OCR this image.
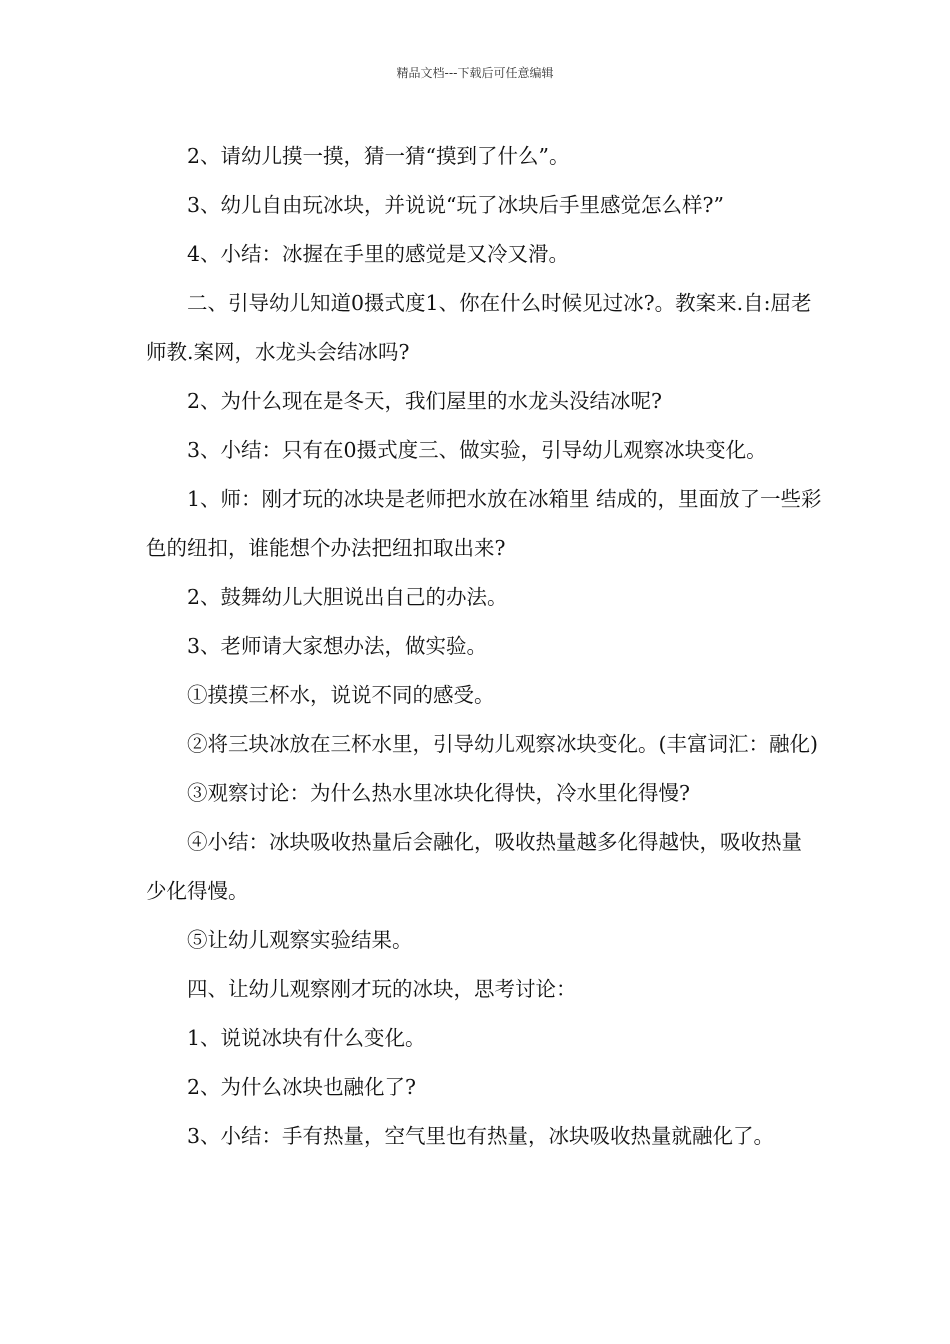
精品文档---下载后可任意编辑

2、请幼儿摸一摸，猜一猜“摸到了什么”。

3、幼儿自由玩冰块，并说说“玩了冰块后手里感觉怎么样?”

4、小结：冰握在手里的感觉是又冷又滑。

二、引导幼儿知道0摄式度1、你在什么时候见过冰?。教案来.自:屈老师教.案网，水龙头会结冰吗?

2、为什么现在是冬天，我们屋里的水龙头没结冰呢?

3、小结：只有在0摄式度三、做实验，引导幼儿观察冰块变化。

1、师：刚才玩的冰块是老师把水放在冰箱里 结成的，里面放了一些彩色的纽扣，谁能想个办法把纽扣取出来?

2、鼓舞幼儿大胆说出自己的办法。

3、老师请大家想办法，做实验。

①摸摸三杯水，说说不同的感受。

②将三块冰放在三杯水里，引导幼儿观察冰块变化。(丰富词汇：融化)

③观察讨论：为什么热水里冰块化得快，冷水里化得慢?

④小结：冰块吸收热量后会融化，吸收热量越多化得越快，吸收热量少化得慢。

⑤让幼儿观察实验结果。

四、让幼儿观察刚才玩的冰块，思考讨论：

1、说说冰块有什么变化。

2、为什么冰块也融化了?

3、小结：手有热量，空气里也有热量，冰块吸收热量就融化了。
